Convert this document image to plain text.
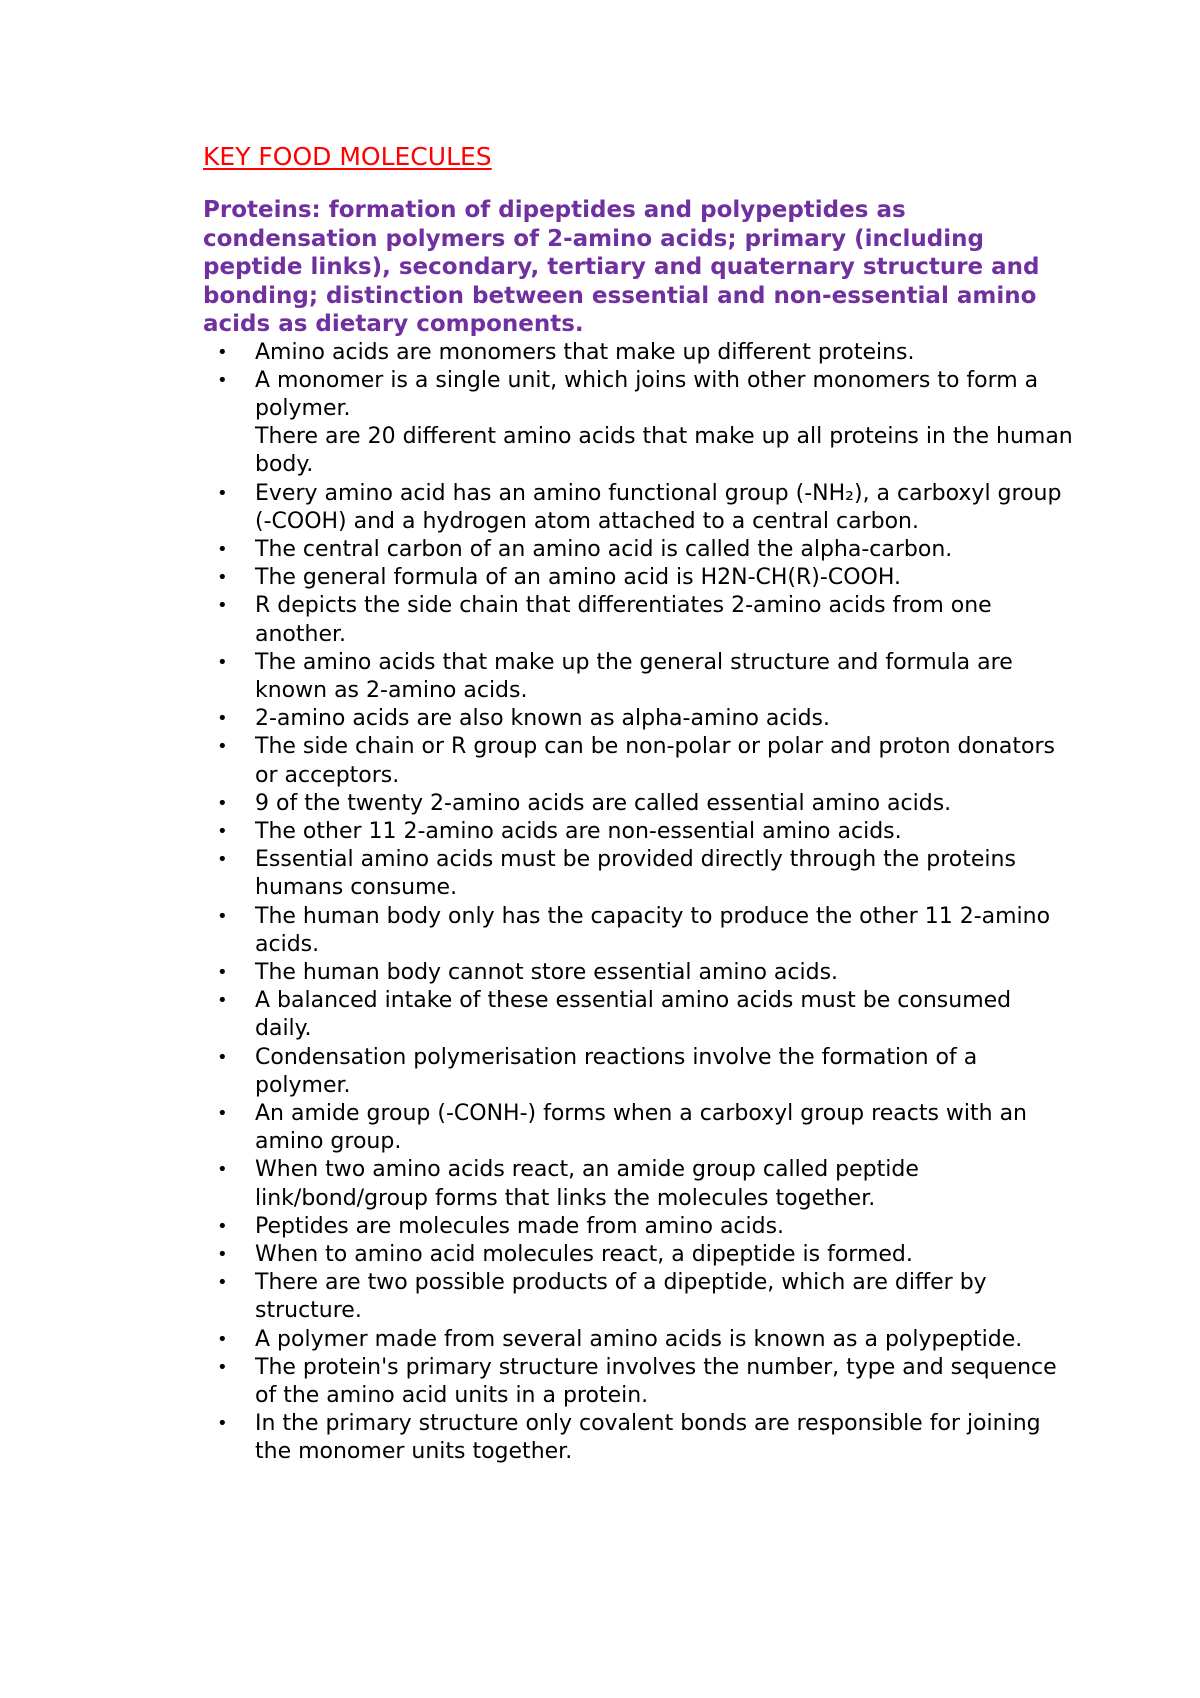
KEY FOOD MOLECULES

Proteins: formation of dipeptides and polypeptides as condensation polymers of 2-amino acids; primary (including peptide links), secondary, tertiary and quaternary structure and bonding; distinction between essential and non-essential amino acids as dietary components.

• Amino acids are monomers that make up different proteins.
• A monomer is a single unit, which joins with other monomers to form a polymer.
There are 20 different amino acids that make up all proteins in the human body.
• Every amino acid has an amino functional group (-NH₂), a carboxyl group (-COOH) and a hydrogen atom attached to a central carbon.
• The central carbon of an amino acid is called the alpha-carbon.
• The general formula of an amino acid is H2N-CH(R)-COOH.
• R depicts the side chain that differentiates 2-amino acids from one another.
• The amino acids that make up the general structure and formula are known as 2-amino acids.
• 2-amino acids are also known as alpha-amino acids.
• The side chain or R group can be non-polar or polar and proton donators or acceptors.
• 9 of the twenty 2-amino acids are called essential amino acids.
• The other 11 2-amino acids are non-essential amino acids.
• Essential amino acids must be provided directly through the proteins humans consume.
• The human body only has the capacity to produce the other 11 2-amino acids.
• The human body cannot store essential amino acids.
• A balanced intake of these essential amino acids must be consumed daily.
• Condensation polymerisation reactions involve the formation of a polymer.
• An amide group (-CONH-) forms when a carboxyl group reacts with an amino group.
• When two amino acids react, an amide group called peptide link/bond/group forms that links the molecules together.
• Peptides are molecules made from amino acids.
• When to amino acid molecules react, a dipeptide is formed.
• There are two possible products of a dipeptide, which are differ by structure.
• A polymer made from several amino acids is known as a polypeptide.
• The protein's primary structure involves the number, type and sequence of the amino acid units in a protein.
• In the primary structure only covalent bonds are responsible for joining the monomer units together.
